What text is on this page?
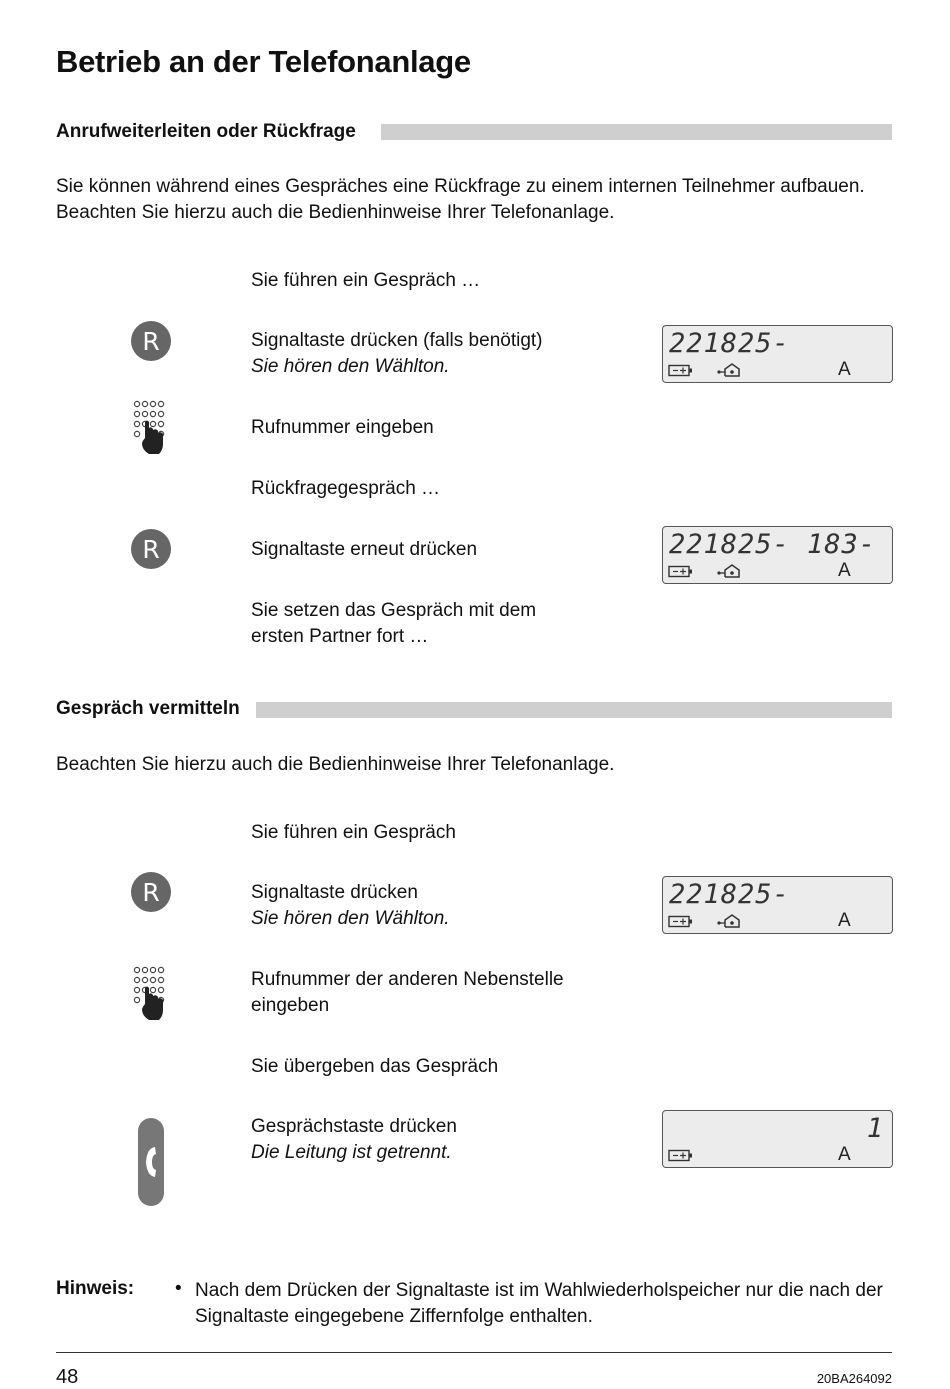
Betrieb an der Telefonanlage
Anrufweiterleiten oder Rückfrage
Sie können während eines Gespräches eine Rückfrage zu einem internen Teilnehmer aufbauen.
Beachten Sie hierzu auch die Bedienhinweise Ihrer Telefonanlage.
Sie führen ein Gespräch …
R	Signaltaste drücken (falls benötigt)
Sie hören den Wählton.
221825-
A
Rufnummer eingeben
Rückfragegespräch …
R	Signaltaste erneut drücken	221825- 183-
A
Sie setzen das Gespräch mit dem
ersten Partner fort …
Gespräch vermitteln
Beachten Sie hierzu auch die Bedienhinweise Ihrer Telefonanlage.
Sie führen ein Gespräch
R	Signaltaste drücken
Sie hören den Wählton.
221825-
A
Rufnummer der anderen Nebenstelle
eingeben
Sie übergeben das Gespräch
Gesprächstaste drücken
Die Leitung ist getrennt.
1
A
Hinweis: • Nach dem Drücken der Signaltaste ist im Wahlwiederholspeicher nur die nach der Signaltaste eingegebene Ziffernfolge enthalten.
48	20BA264092
